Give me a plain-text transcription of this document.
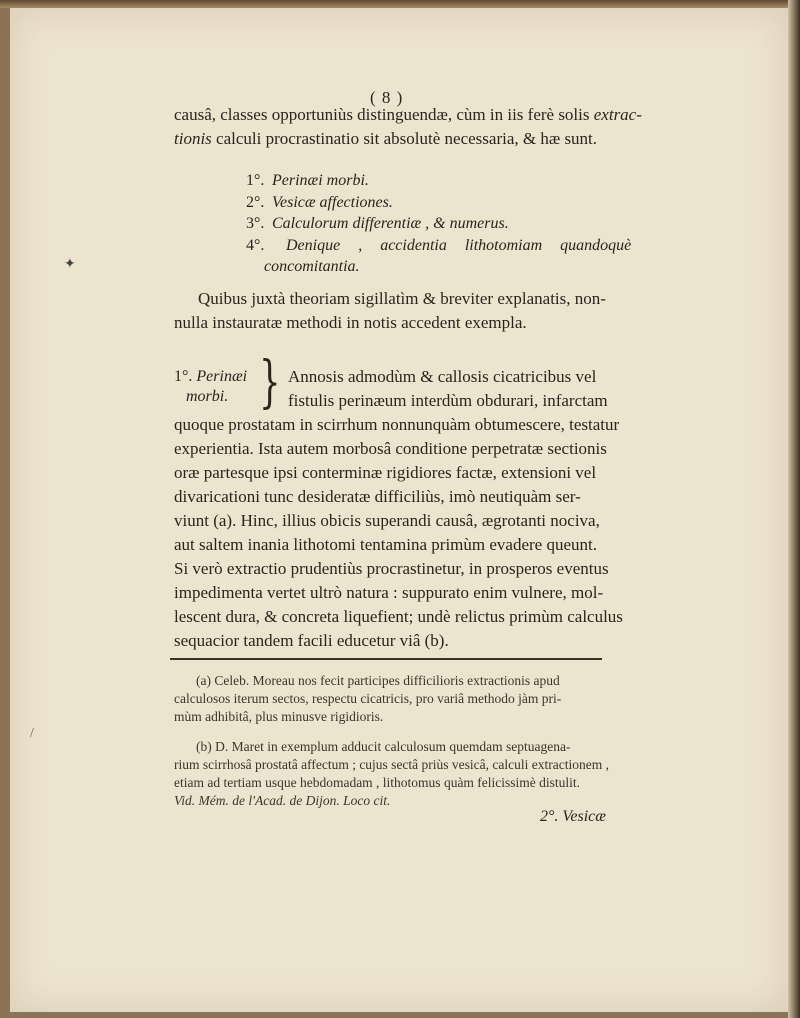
( 8 )
causâ, classes opportuniùs distinguendæ, cùm in iis ferè solis extrac-
tionis calculi procrastinatio sit absolutè necessaria, & hæ sunt.
1°. Perinæi morbi.
2°. Vesicæ affectiones.
3°. Calculorum differentiæ , & numerus.
4°. Denique , accidentia lithotomiam quandoquè
concomitantia.
✦
Quibus juxtà theoriam sigillatìm & breviter explanatis, non-
nulla instauratæ methodi in notis accedent exempla.
1°. Perinæi
morbi. } Annosis admodùm & callosis cicatricibus vel
fistulis perinæum interdùm obdurari, infarctam
quoque prostatam in scirrhum nonnunquàm obtumescere, testatur
experientia. Ista autem morbosâ conditione perpetratæ sectionis
oræ partesque ipsi conterminæ rigidiores factæ, extensioni vel
divaricationi tunc desideratæ difficiliùs, imò neutiquàm ser-
viunt (a). Hinc, illius obicis superandi causâ, ægrotanti nociva,
aut saltem inania lithotomi tentamina primùm evadere queunt.
Si verò extractio prudentiùs procrastinetur, in prosperos eventus
impedimenta vertet ultrò natura : suppurato enim vulnere, mol-
lescent dura, & concreta liquefient; undè relictus primùm calculus
sequacior tandem facili educetur viâ (b).
(a) Celeb. Moreau nos fecit participes difficilioris extractionis apud
calculosos iterum sectos, respectu cicatricis, pro variâ methodo jàm pri-
mùm adhibitâ, plus minusve rigidioris.
(b) D. Maret in exemplum adducit calculosum quemdam septuagena-
rium scirrhosâ prostatâ affectum ; cujus sectâ priùs vesicâ, calculi extractionem ,
etiam ad tertiam usque hebdomadam , lithotomus quàm felicissimè distulit.
Vid. Mém. de l'Acad. de Dijon. Loco cit.
2°. Vesicæ
/
